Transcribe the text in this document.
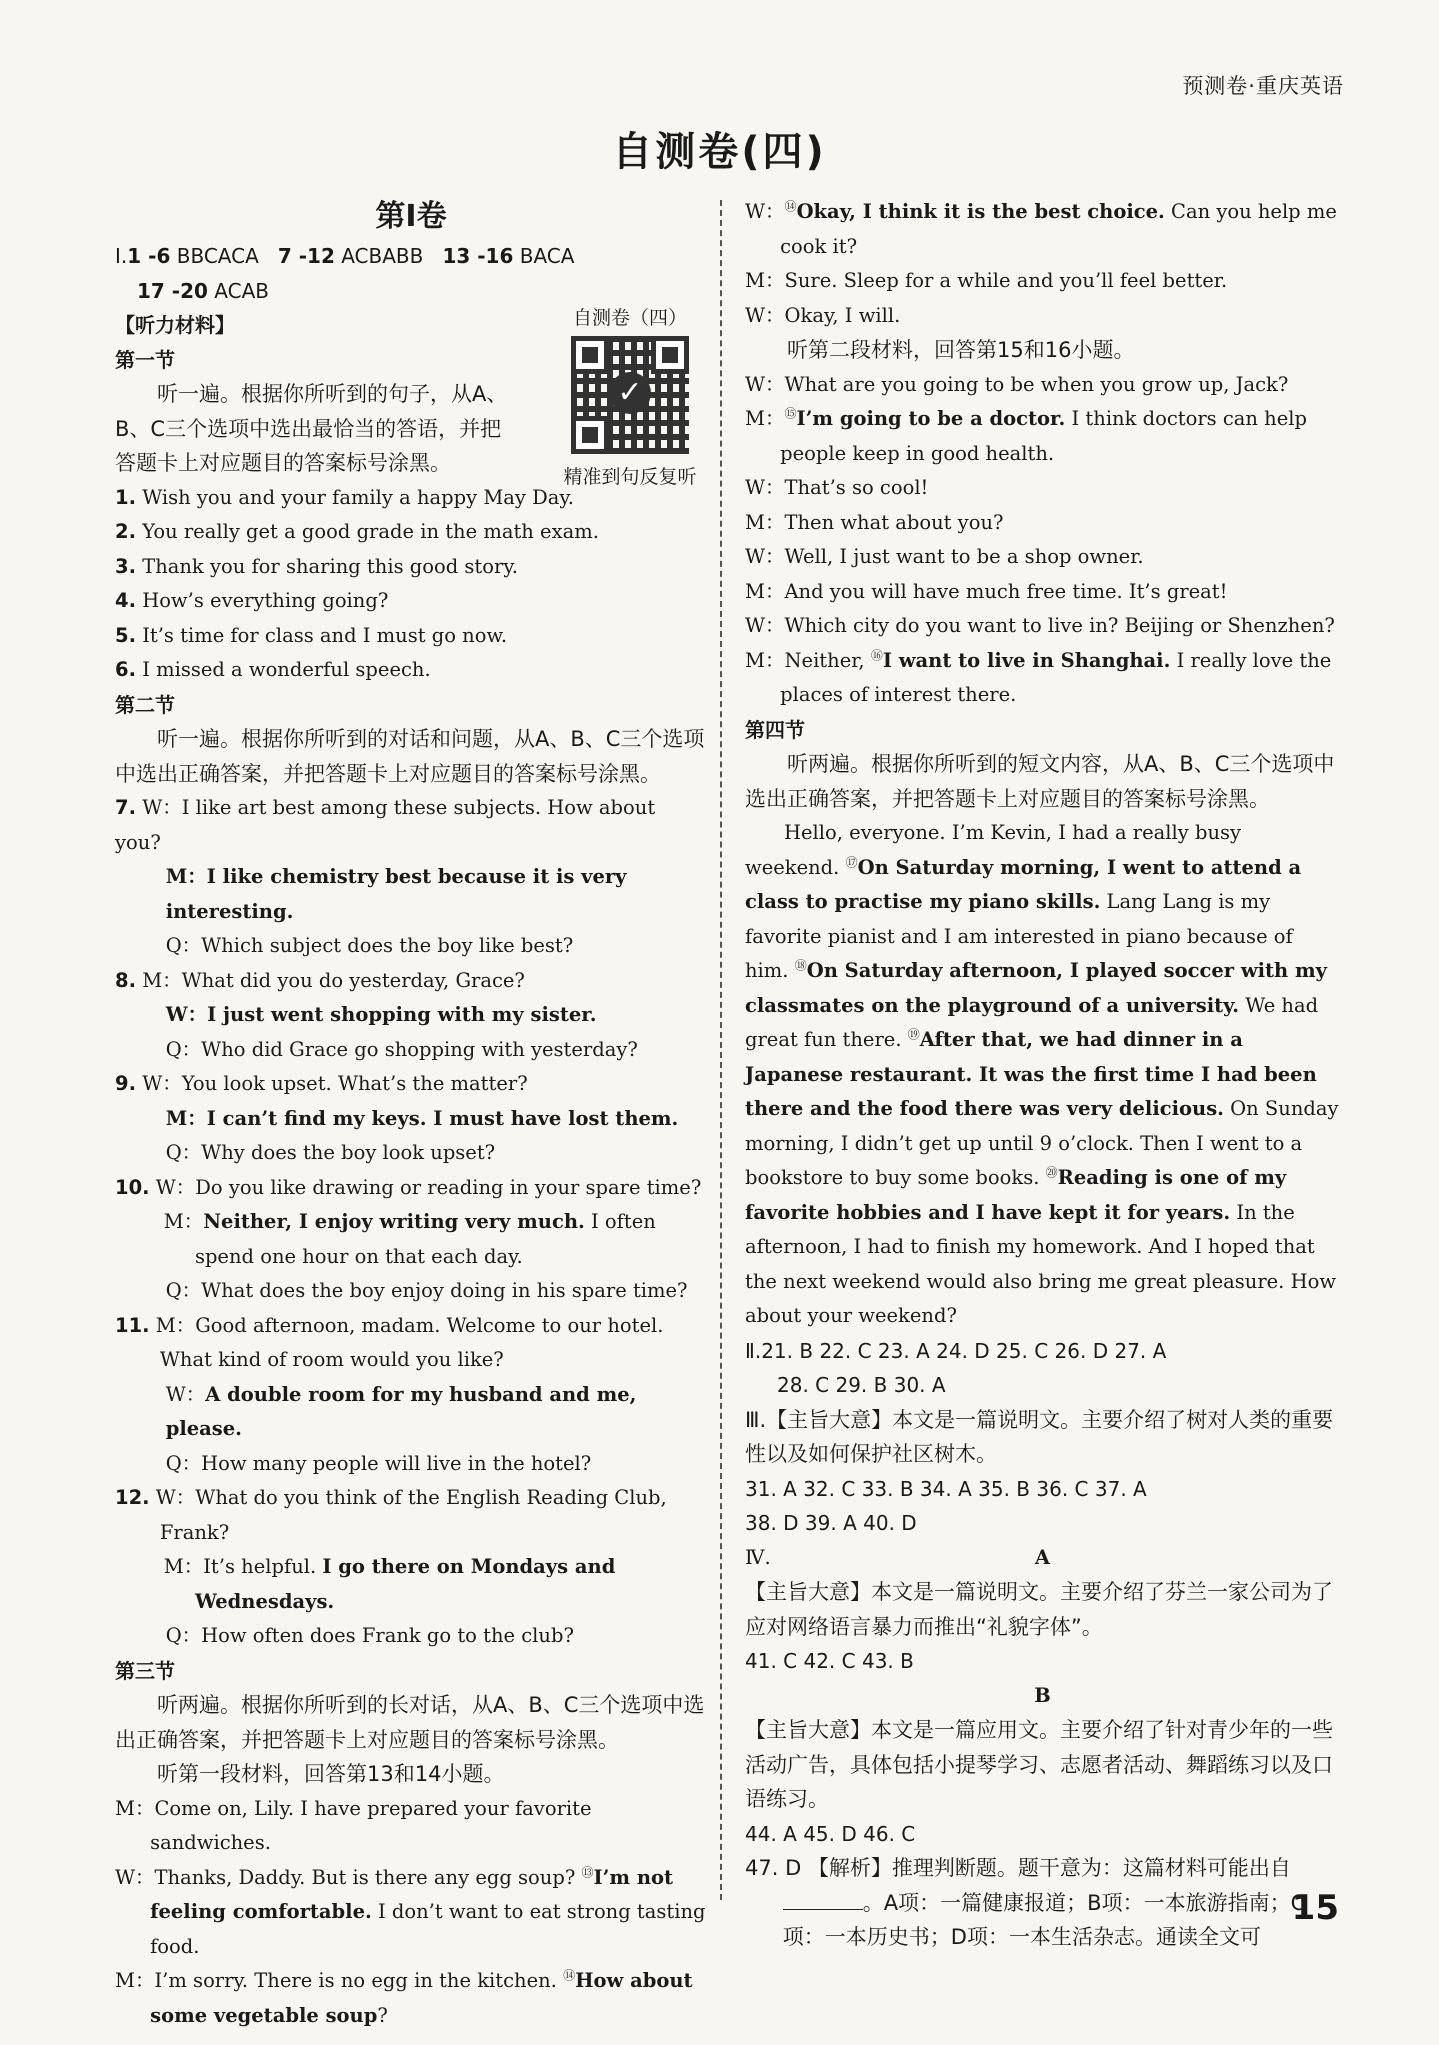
预测卷·重庆英语
自测卷(四)
自测卷（四）
✓
精准到句反复听
第Ⅰ卷
Ⅰ.1 -6 BBCACA 7 -12 ACBABB 13 -16 BACA
17 -20 ACAB
【听力材料】
第一节
听一遍。根据你所听到的句子，从A、B、C三个选项中选出最恰当的答语，并把答题卡上对应题目的答案标号涂黑。
1. Wish you and your family a happy May Day.
2. You really get a good grade in the math exam.
3. Thank you for sharing this good story.
4. How’s everything going?
5. It’s time for class and I must go now.
6. I missed a wonderful speech.
第二节
听一遍。根据你所听到的对话和问题，从A、B、C三个选项中选出正确答案，并把答题卡上对应题目的答案标号涂黑。
7. W：I like art best among these subjects. How about you?
M：I like chemistry best because it is very interesting.
Q：Which subject does the boy like best?
8. M：What did you do yesterday, Grace?
W：I just went shopping with my sister.
Q：Who did Grace go shopping with yesterday?
9. W：You look upset. What’s the matter?
M：I can’t find my keys. I must have lost them.
Q：Why does the boy look upset?
10. W：Do you like drawing or reading in your spare time?
M：Neither, I enjoy writing very much. I often spend one hour on that each day.
Q：What does the boy enjoy doing in his spare time?
11. M：Good afternoon, madam. Welcome to our hotel. What kind of room would you like?
W：A double room for my husband and me, please.
Q：How many people will live in the hotel?
12. W：What do you think of the English Reading Club, Frank?
M：It’s helpful. I go there on Mondays and Wednesdays.
Q：How often does Frank go to the club?
第三节
听两遍。根据你所听到的长对话，从A、B、C三个选项中选出正确答案，并把答题卡上对应题目的答案标号涂黑。
听第一段材料，回答第13和14小题。
M：Come on, Lily. I have prepared your favorite sandwiches.
W：Thanks, Daddy. But is there any egg soup? ⑬I’m not feeling comfortable. I don’t want to eat strong tasting food.
M：I’m sorry. There is no egg in the kitchen. ⑭How about some vegetable soup?
W：⑭Okay, I think it is the best choice. Can you help me cook it?
M：Sure. Sleep for a while and you’ll feel better.
W：Okay, I will.
听第二段材料，回答第15和16小题。
W：What are you going to be when you grow up, Jack?
M：⑮I’m going to be a doctor. I think doctors can help people keep in good health.
W：That’s so cool!
M：Then what about you?
W：Well, I just want to be a shop owner.
M：And you will have much free time. It’s great!
W：Which city do you want to live in? Beijing or Shenzhen?
M：Neither, ⑯I want to live in Shanghai. I really love the places of interest there.
第四节
听两遍。根据你所听到的短文内容，从A、B、C三个选项中选出正确答案，并把答题卡上对应题目的答案标号涂黑。
Hello, everyone. I’m Kevin, I had a really busy weekend. ⑰On Saturday morning, I went to attend a class to practise my piano skills. Lang Lang is my favorite pianist and I am interested in piano because of him. ⑱On Saturday afternoon, I played soccer with my classmates on the playground of a university. We had great fun there. ⑲After that, we had dinner in a Japanese restaurant. It was the first time I had been there and the food there was very delicious. On Sunday morning, I didn’t get up until 9 o’clock. Then I went to a bookstore to buy some books. ⑳Reading is one of my favorite hobbies and I have kept it for years. In the afternoon, I had to finish my homework. And I hoped that the next weekend would also bring me great pleasure. How about your weekend?
Ⅱ.21. B 22. C 23. A 24. D 25. C 26. D 27. A
28. C 29. B 30. A
Ⅲ.【主旨大意】本文是一篇说明文。主要介绍了树对人类的重要性以及如何保护社区树木。
31. A 32. C 33. B 34. A 35. B 36. C 37. A
38. D 39. A 40. D
Ⅳ.	A
【主旨大意】本文是一篇说明文。主要介绍了芬兰一家公司为了应对网络语言暴力而推出“礼貌字体”。
41. C 42. C 43. B
B
【主旨大意】本文是一篇应用文。主要介绍了针对青少年的一些活动广告，具体包括小提琴学习、志愿者活动、舞蹈练习以及口语练习。
44. A 45. D 46. C
47. D 【解析】推理判断题。题干意为：这篇材料可能出自。A项：一篇健康报道；B项：一本旅游指南；C项：一本历史书；D项：一本生活杂志。通读全文可
15
